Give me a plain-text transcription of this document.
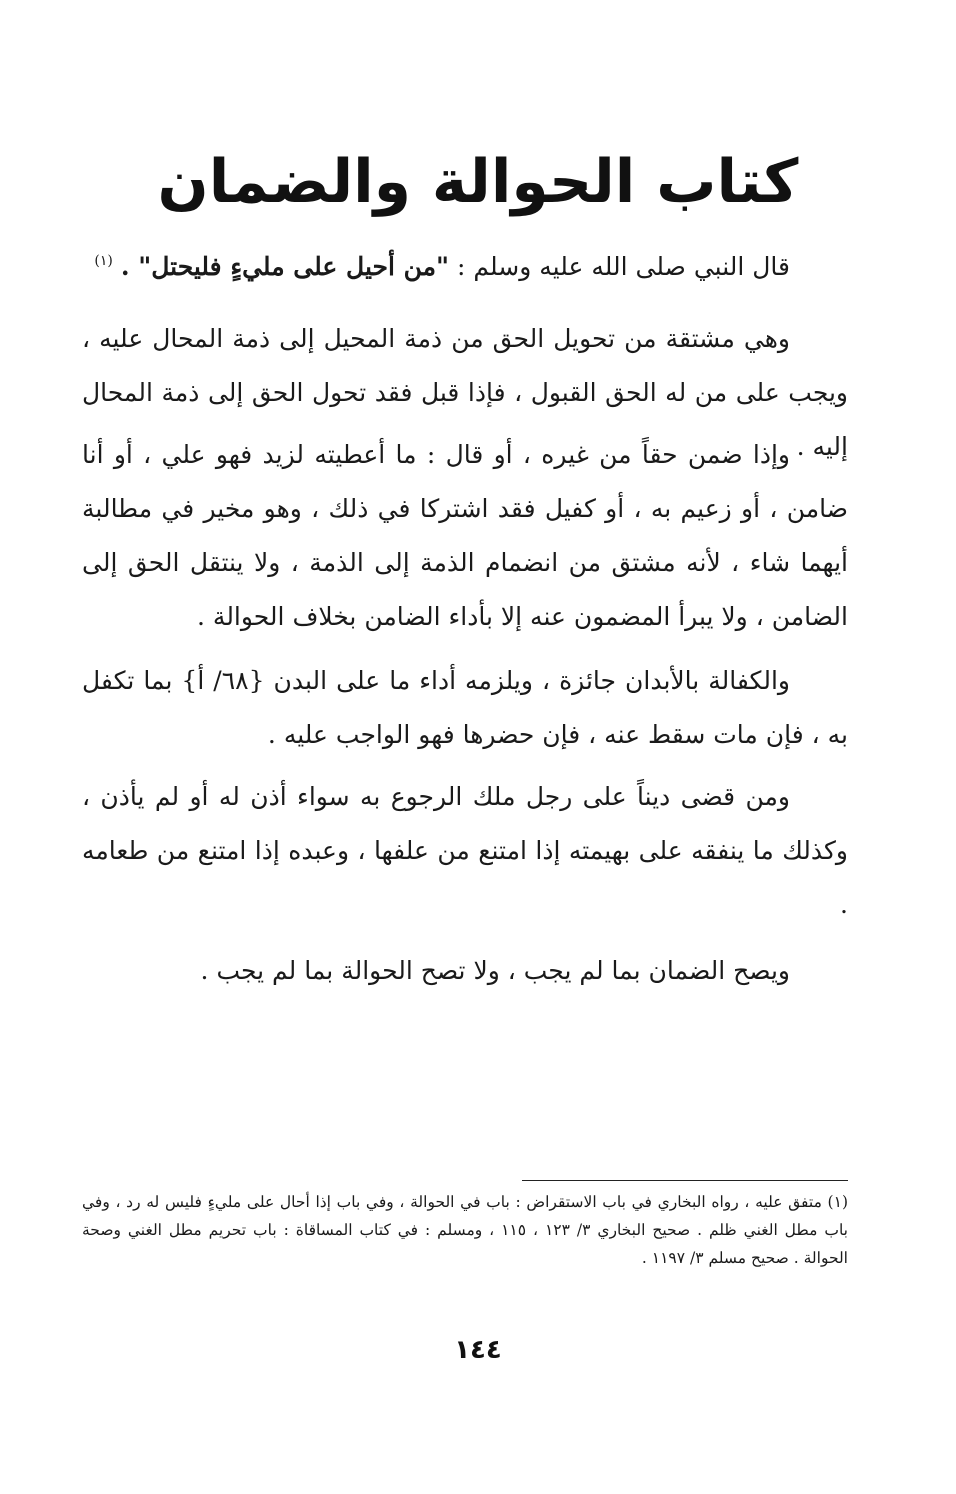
كتاب الحوالة والضمان

قال النبي صلى الله عليه وسلم : "من أحيل على مليءٍ فليحتل" . $^{(١)}$

وهي مشتقة من تحويل الحق من ذمة المحيل إلى ذمة المحال عليه ، ويجب على من له الحق القبول ، فإذا قبل فقد تحول الحق إلى ذمة المحال إليه .

وإذا ضمن حقاً من غيره ، أو قال : ما أعطيته لزيد فهو علي ، أو أنا ضامن ، أو زعيم به ، أو كفيل فقد اشتركا في ذلك ، وهو مخير في مطالبة أيهما شاء ، لأنه مشتق من انضمام الذمة إلى الذمة ، ولا ينتقل الحق إلى الضامن ، ولا يبرأ المضمون عنه إلا بأداء الضامن بخلاف الحوالة .

والكفالة بالأبدان جائزة ، ويلزمه أداء ما على البدن {٦٨/ أ} بما تكفل به ، فإن مات سقط عنه ، فإن حضرها فهو الواجب عليه .

ومن قضى ديناً على رجل ملك الرجوع به سواء أذن له أو لم يأذن ، وكذلك ما ينفقه على بهيمته إذا امتنع من علفها ، وعبده إذا امتنع من طعامه .

ويصح الضمان بما لم يجب ، ولا تصح الحوالة بما لم يجب .

(١) متفق عليه ، رواه البخاري في باب الاستقراض : باب في الحوالة ، وفي باب إذا أحال على مليءٍ فليس له رد ، وفي باب مطل الغني ظلم . صحيح البخاري ٣/ ١٢٣ ، ١١٥ ، ومسلم : في كتاب المساقاة : باب تحريم مطل الغني وصحة الحوالة . صحيح مسلم ٣/ ١١٩٧ .
١٤٤
